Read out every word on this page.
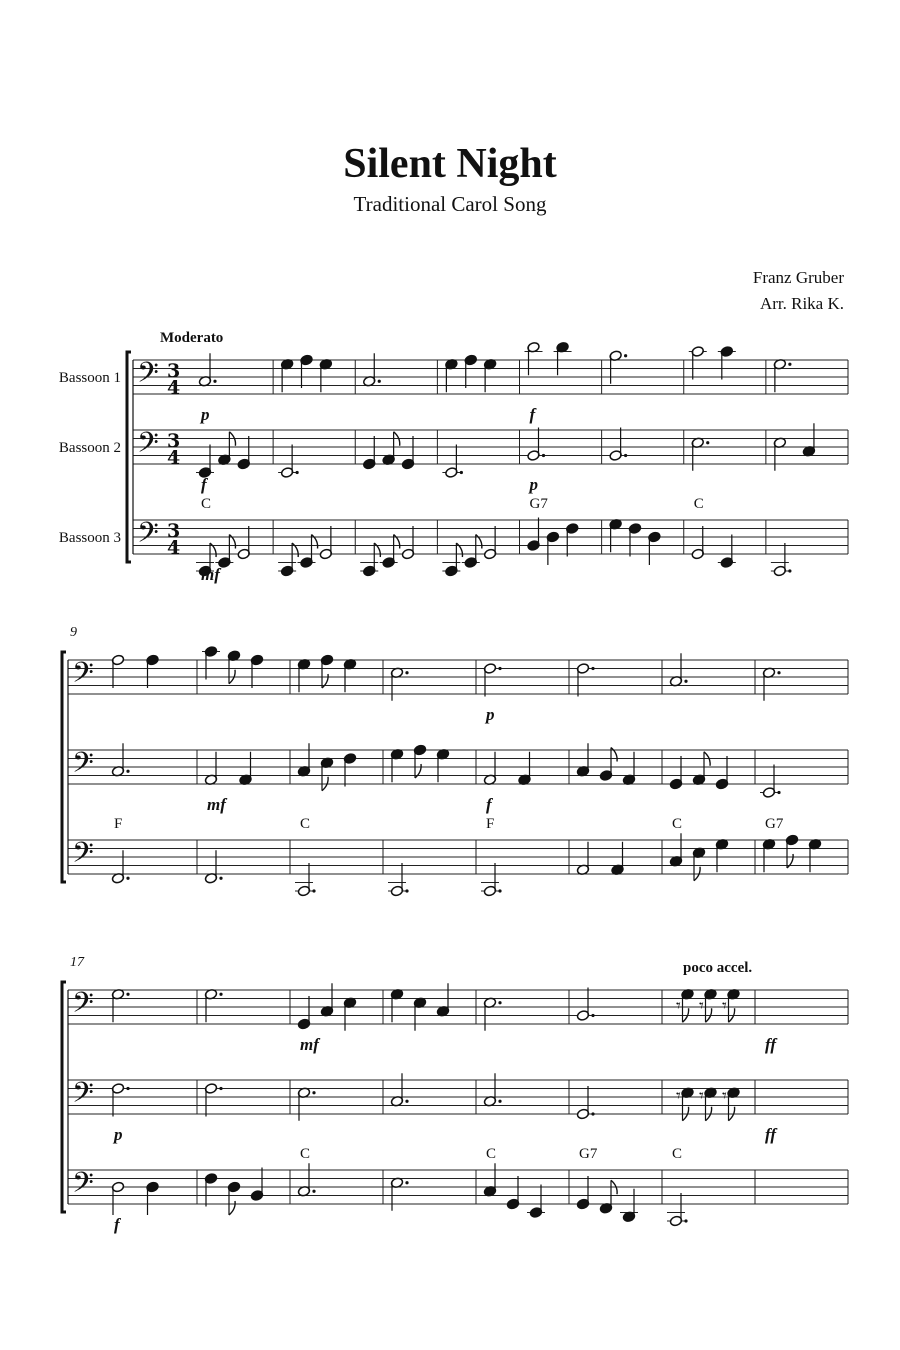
Silent Night
Traditional Carol Song
Franz Gruber
Arr. Rika K.
𝄢 3
4
Bassoon 1
𝄢 3
4
Bassoon 2
𝄢 3
4
Bassoon 3
Moderato
p	f
f	p
mf
C	G7	C
𝄢
𝄢
𝄢
9
p
mf	f
F	C	F	C	G7
𝄢
𝄢
𝄢
17	poco accel.
𝄾 𝄾 𝄾
𝄾 𝄾 𝄾
mf	ff
p	ff
f
C	C	G7	C
